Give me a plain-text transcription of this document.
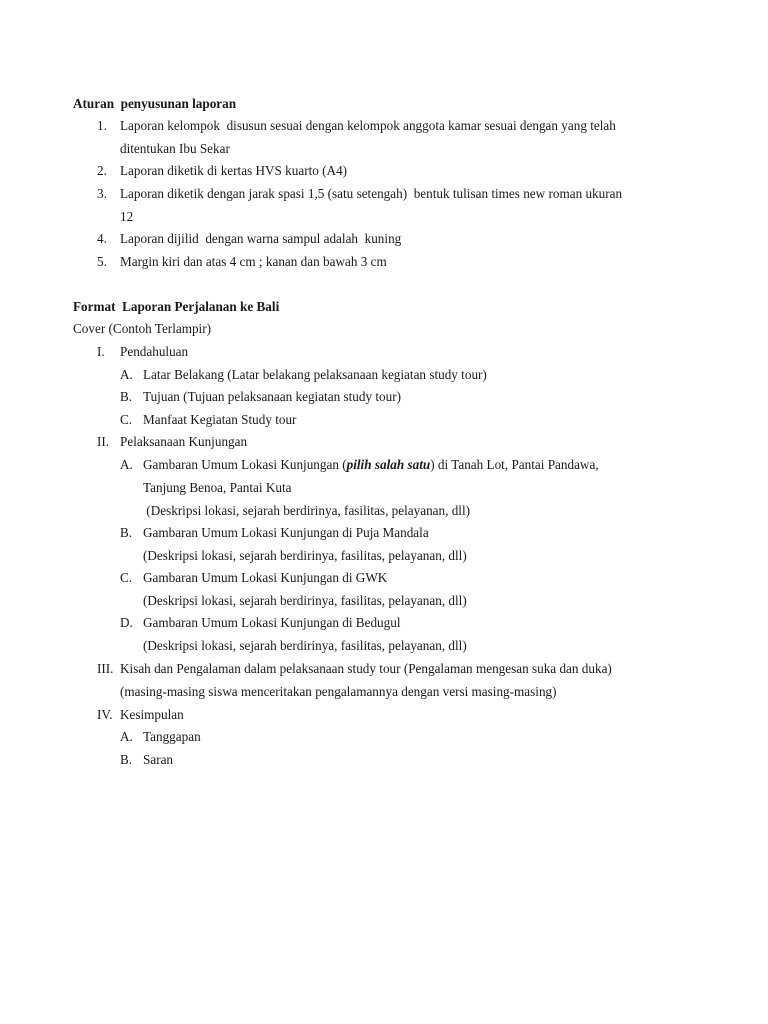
Aturan  penyusunan laporan
1. Laporan kelompok  disusun sesuai dengan kelompok anggota kamar sesuai dengan yang telah
ditentukan Ibu Sekar
2. Laporan diketik di kertas HVS kuarto (A4)
3. Laporan diketik dengan jarak spasi 1,5 (satu setengah)  bentuk tulisan times new roman ukuran
12
4. Laporan dijilid  dengan warna sampul adalah  kuning
5. Margin kiri dan atas 4 cm ; kanan dan bawah 3 cm
Format  Laporan Perjalanan ke Bali
Cover (Contoh Terlampir)
I. Pendahuluan
A. Latar Belakang (Latar belakang pelaksanaan kegiatan study tour)
B. Tujuan (Tujuan pelaksanaan kegiatan study tour)
C. Manfaat Kegiatan Study tour
II. Pelaksanaan Kunjungan
A. Gambaran Umum Lokasi Kunjungan (pilih salah satu) di Tanah Lot, Pantai Pandawa,
Tanjung Benoa, Pantai Kuta
(Deskripsi lokasi, sejarah berdirinya, fasilitas, pelayanan, dll)
B. Gambaran Umum Lokasi Kunjungan di Puja Mandala
(Deskripsi lokasi, sejarah berdirinya, fasilitas, pelayanan, dll)
C. Gambaran Umum Lokasi Kunjungan di GWK
(Deskripsi lokasi, sejarah berdirinya, fasilitas, pelayanan, dll)
D. Gambaran Umum Lokasi Kunjungan di Bedugul
(Deskripsi lokasi, sejarah berdirinya, fasilitas, pelayanan, dll)
III. Kisah dan Pengalaman dalam pelaksanaan study tour (Pengalaman mengesan suka dan duka)
(masing-masing siswa menceritakan pengalamannya dengan versi masing-masing)
IV. Kesimpulan
A. Tanggapan
B. Saran
